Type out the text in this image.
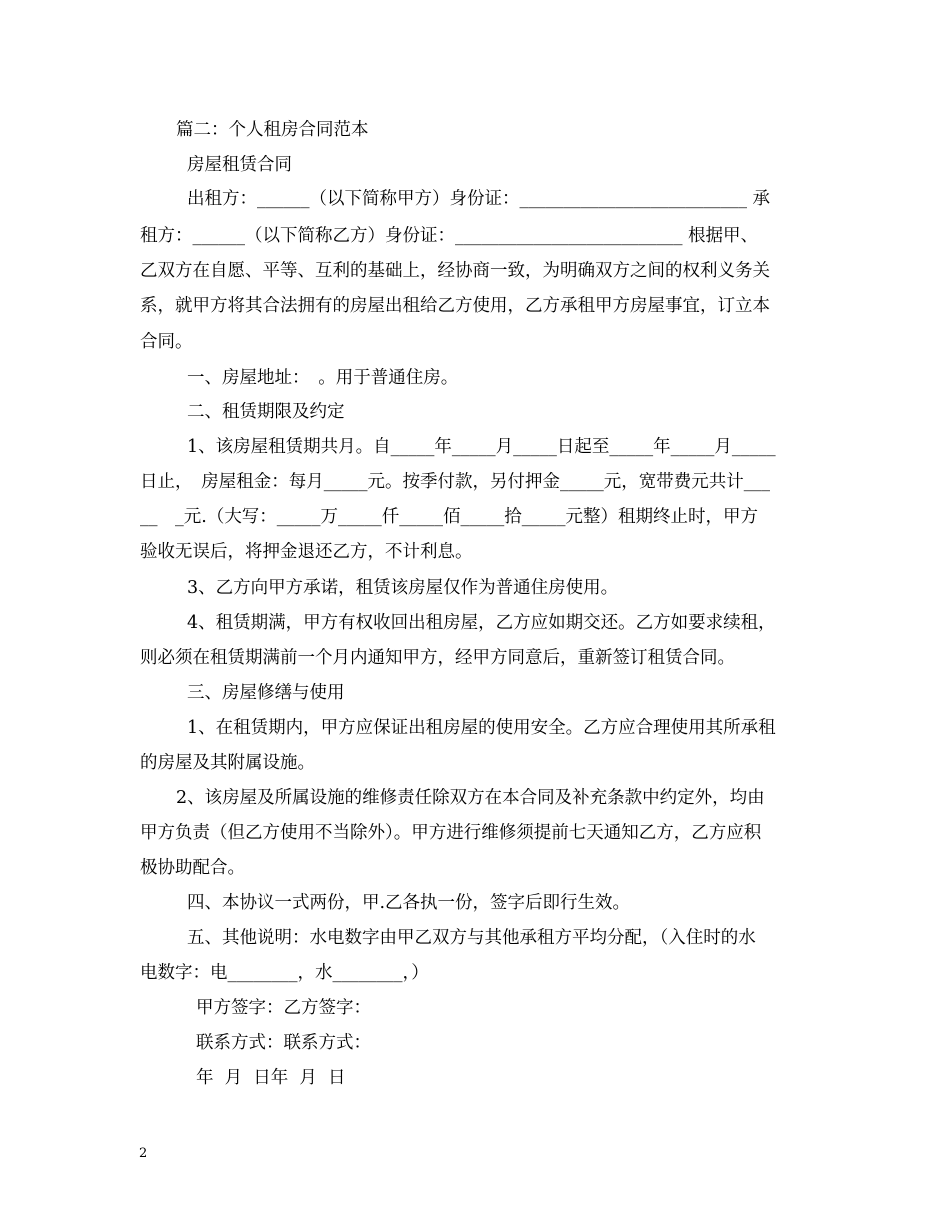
篇二：个人租房合同范本
房屋租赁合同
出租方：______（以下简称甲方）身份证：__________________________ 承
租方：______（以下简称乙方）身份证：__________________________ 根据甲、
乙双方在自愿、平等、互利的基础上，经协商一致，为明确双方之间的权利义务关
系，就甲方将其合法拥有的房屋出租给乙方使用，乙方承租甲方房屋事宜，订立本
合同。
一、房屋地址：　。用于普通住房。
二、租赁期限及约定
1、该房屋租赁期共月。自_____年_____月_____日起至_____年_____月_____
日止，　房屋租金：每月_____元。按季付款，另付押金_____元，宽带费元共计___
__　_元.（大写：_____万_____仟_____佰_____拾_____元整）租期终止时，甲方
验收无误后，将押金退还乙方，不计利息。
3、乙方向甲方承诺，租赁该房屋仅作为普通住房使用。
4、租赁期满，甲方有权收回出租房屋，乙方应如期交还。乙方如要求续租，
则必须在租赁期满前一个月内通知甲方，经甲方同意后，重新签订租赁合同。
三、房屋修缮与使用
1、在租赁期内，甲方应保证出租房屋的使用安全。乙方应合理使用其所承租
的房屋及其附属设施。
2、该房屋及所属设施的维修责任除双方在本合同及补充条款中约定外，均由
甲方负责（但乙方使用不当除外）。甲方进行维修须提前七天通知乙方，乙方应积
极协助配合。
四、本协议一式两份，甲.乙各执一份，签字后即行生效。
五、其他说明：水电数字由甲乙双方与其他承租方平均分配，（入住时的水
电数字：电________，水________，）
甲方签字：乙方签字：
联系方式：联系方式：
年  月  日年  月  日
2
